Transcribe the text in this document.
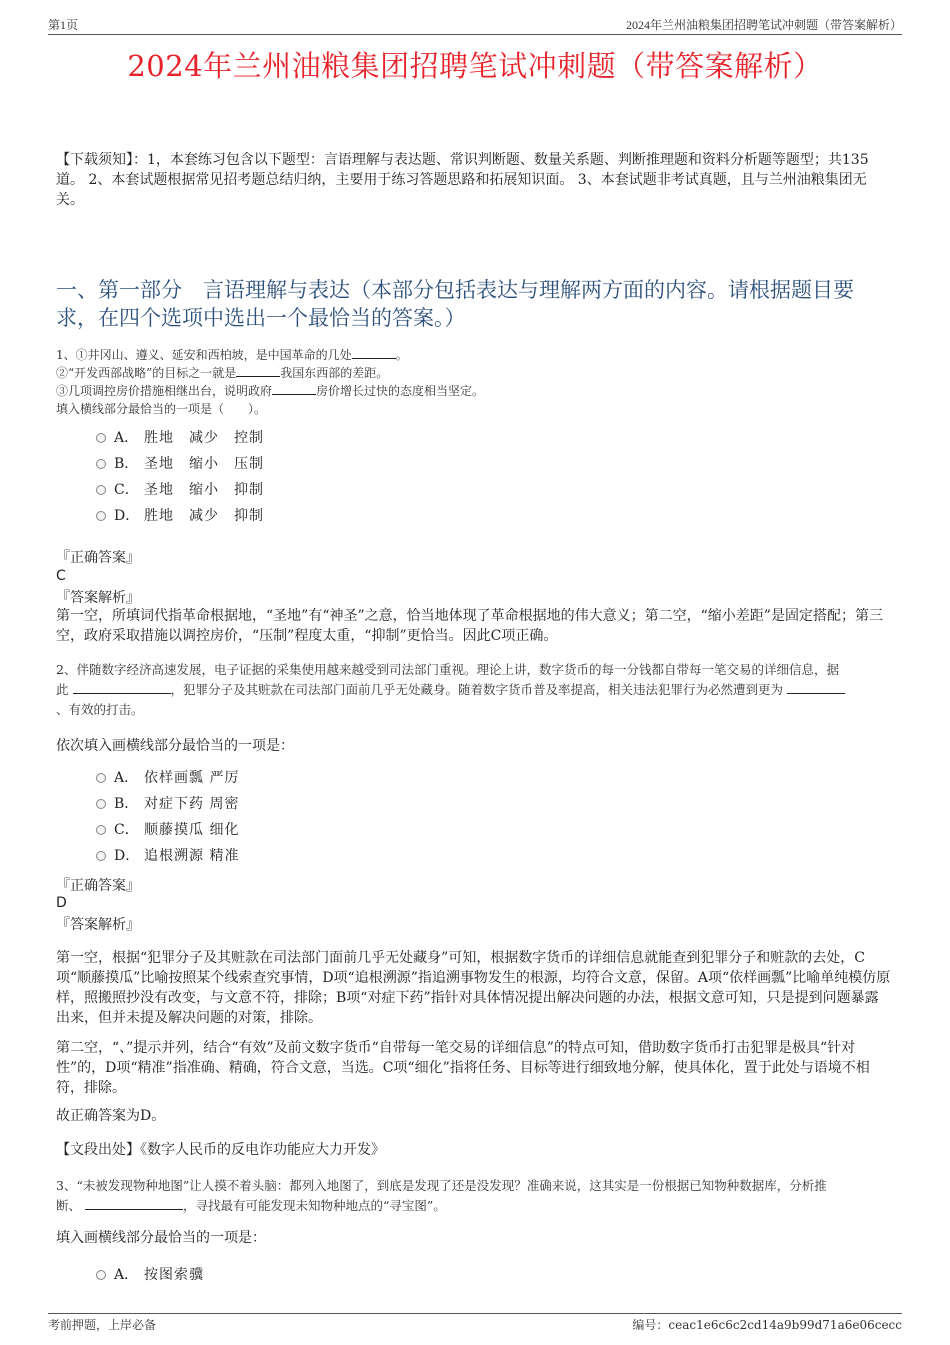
第1页	2024年兰州油粮集团招聘笔试冲刺题（带答案解析）
2024年兰州油粮集团招聘笔试冲刺题（带答案解析）
【下载须知】：1，本套练习包含以下题型：言语理解与表达题、常识判断题、数量关系题、判断推理题和资料分析题等题型；共135道。 2、本套试题根据常见招考题总结归纳，主要用于练习答题思路和拓展知识面。 3、本套试题非考试真题，且与兰州油粮集团无关。
一、第一部分　言语理解与表达（本部分包括表达与理解两方面的内容。请根据题目要求，在四个选项中选出一个最恰当的答案。）
1、①井冈山、遵义、延安和西柏坡，是中国革命的几处	。
②“开发西部战略”的目标之一就是	我国东西部的差距。
③几项调控房价措施相继出台，说明政府	房价增长过快的态度相当坚定。
填入横线部分最恰当的一项是（　　）。
A． 胜地　减少　控制
B． 圣地　缩小　压制
C． 圣地　缩小　抑制
D． 胜地　减少　抑制
『正确答案』
C
『答案解析』
第一空，所填词代指革命根据地，“圣地”有“神圣”之意，恰当地体现了革命根据地的伟大意义；第二空，“缩小差距”是固定搭配；第三空，政府采取措施以调控房价，“压制”程度太重，“抑制”更恰当。因此C项正确。
2、伴随数字经济高速发展，电子证据的采集使用越来越受到司法部门重视。理论上讲，数字货币的每一分钱都自带每一笔交易的详细信息，据
此	，犯罪分子及其赃款在司法部门面前几乎无处藏身。随着数字货币普及率提高，相关违法犯罪行为必然遭到更为
、有效的打击。
依次填入画横线部分最恰当的一项是：
A． 依样画瓢 严厉
B． 对症下药 周密
C． 顺藤摸瓜 细化
D． 追根溯源 精准
『正确答案』
D
『答案解析』
第一空，根据“犯罪分子及其赃款在司法部门面前几乎无处藏身”可知，根据数字货币的详细信息就能查到犯罪分子和赃款的去处，C项“顺藤摸瓜”比喻按照某个线索查究事情，D项“追根溯源”指追溯事物发生的根源，均符合文意，保留。A项“依样画瓢”比喻单纯模仿原样，照搬照抄没有改变，与文意不符，排除；B项“对症下药”指针对具体情况提出解决问题的办法，根据文意可知，只是提到问题暴露出来，但并未提及解决问题的对策，排除。
第二空，“、”提示并列，结合“有效”及前文数字货币“自带每一笔交易的详细信息”的特点可知，借助数字货币打击犯罪是极具“针对性”的，D项“精准”指准确、精确，符合文意，当选。C项“细化”指将任务、目标等进行细致地分解，使具体化，置于此处与语境不相符，排除。
故正确答案为D。
【文段出处】《数字人民币的反电诈功能应大力开发》
3、“未被发现物种地图”让人摸不着头脑：都列入地图了，到底是发现了还是没发现？准确来说，这其实是一份根据已知物种数据库，分析推
断、	，寻找最有可能发现未知物种地点的“寻宝图”。
填入画横线部分最恰当的一项是：
A． 按图索骥
考前押题，上岸必备	编号：ceac1e6c6c2cd14a9b99d71a6e06cecc
